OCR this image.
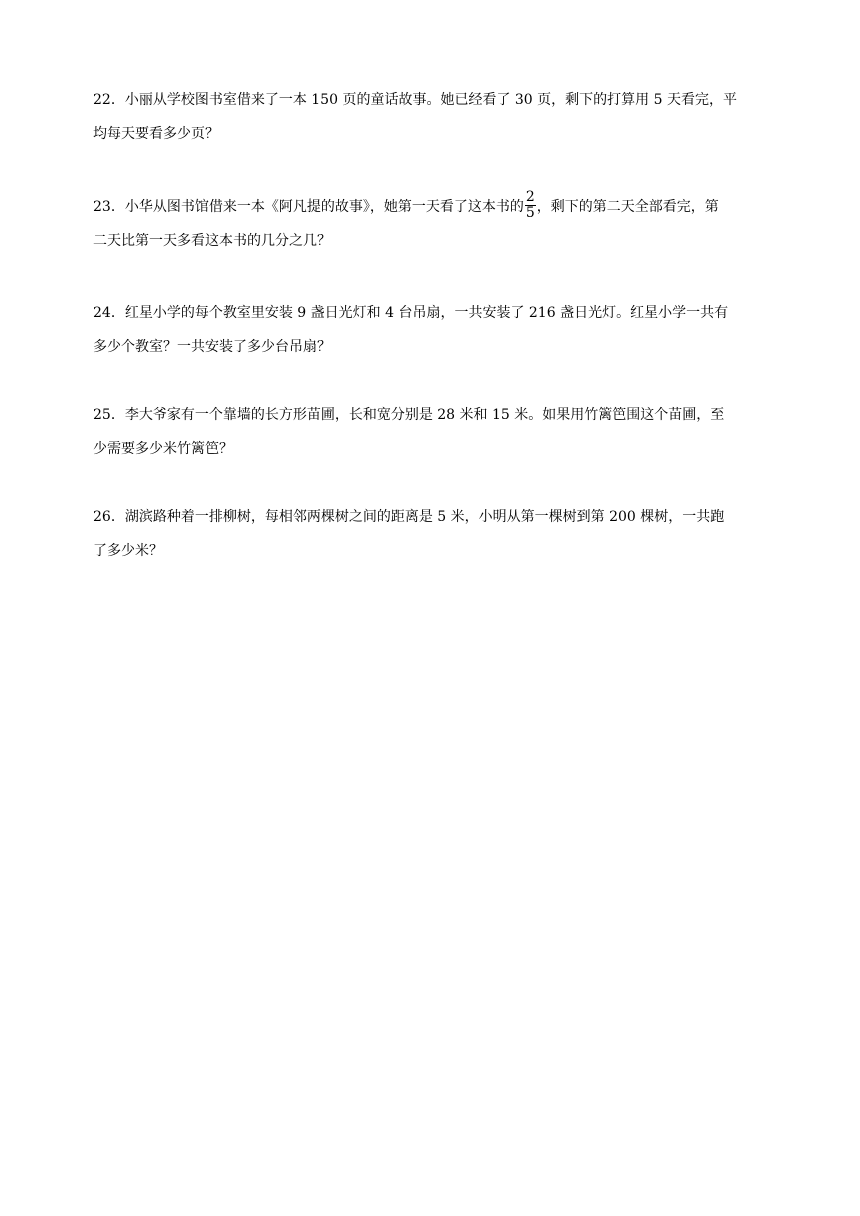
22．小丽从学校图书室借来了一本 150 页的童话故事。她已经看了 30 页，剩下的打算用 5 天看完，平
均每天要看多少页？
23．小华从图书馆借来一本《阿凡提的故事》，她第一天看了这本书的 $\frac{2}{5}$ ，剩下的第二天全部看完，第
二天比第一天多看这本书的几分之几？
24．红星小学的每个教室里安装 9 盏日光灯和 4 台吊扇，一共安装了 216 盏日光灯。红星小学一共有
多少个教室？一共安装了多少台吊扇？
25．李大爷家有一个靠墙的长方形苗圃，长和宽分别是 28 米和 15 米。如果用竹篱笆围这个苗圃，至
少需要多少米竹篱笆？
26．湖滨路种着一排柳树，每相邻两棵树之间的距离是 5 米，小明从第一棵树到第 200 棵树，一共跑
了多少米？
